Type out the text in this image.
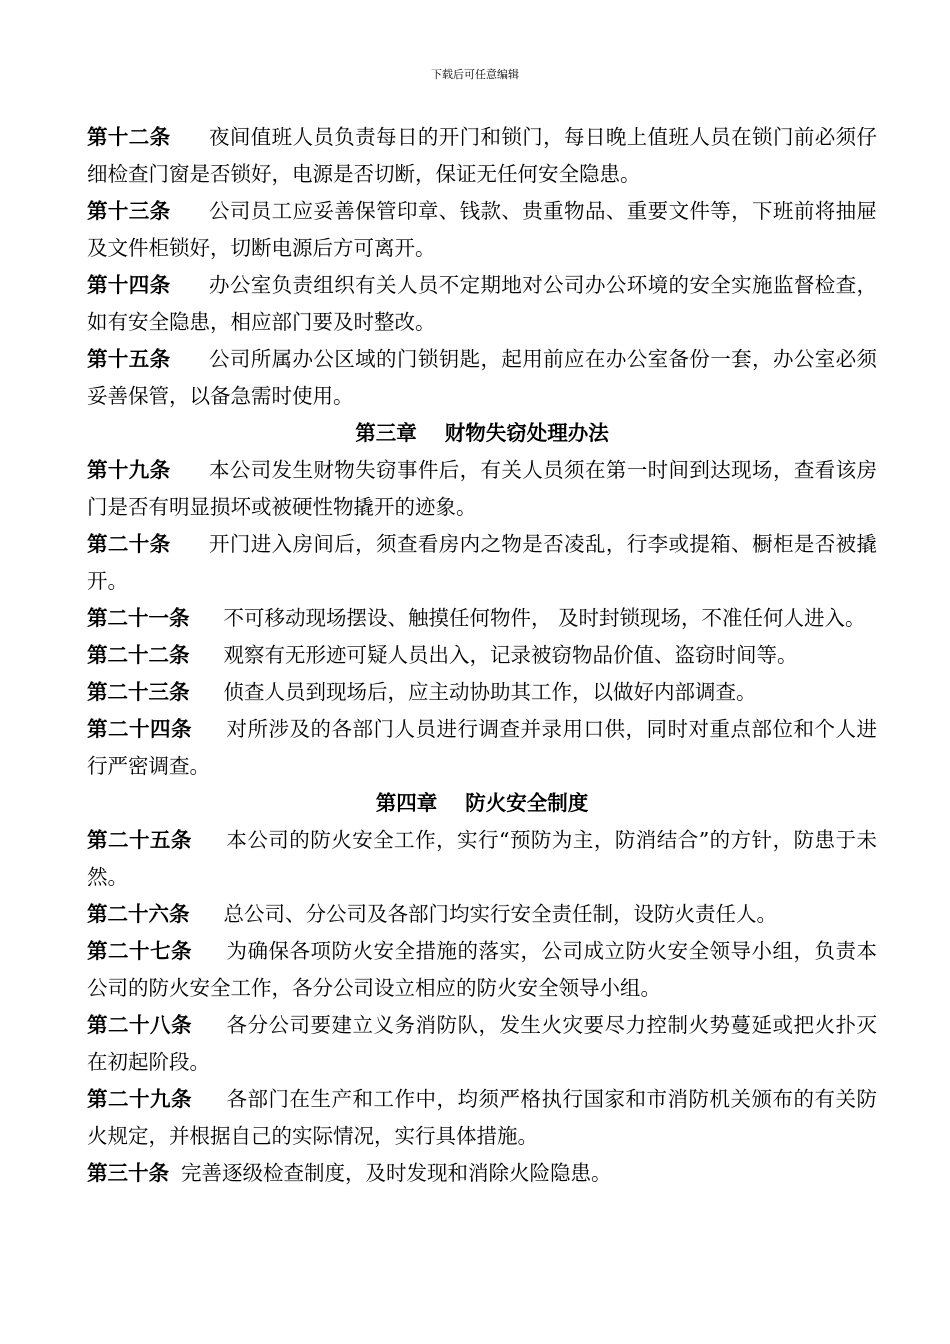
下载后可任意编辑

第十二条 夜间值班人员负责每日的开门和锁门，每日晚上值班人员在锁门前必须仔细检查门窗是否锁好，电源是否切断，保证无任何安全隐患。

第十三条 公司员工应妥善保管印章、钱款、贵重物品、重要文件等，下班前将抽屉及文件柜锁好，切断电源后方可离开。

第十四条 办公室负责组织有关人员不定期地对公司办公环境的安全实施监督检查，如有安全隐患，相应部门要及时整改。

第十五条 公司所属办公区域的门锁钥匙，起用前应在办公室备份一套，办公室必须妥善保管，以备急需时使用。

第三章 财物失窃处理办法

第十九条 本公司发生财物失窃事件后，有关人员须在第一时间到达现场，查看该房门是否有明显损坏或被硬性物撬开的迹象。

第二十条 开门进入房间后，须查看房内之物是否凌乱，行李或提箱、橱柜是否被撬开。

第二十一条 不可移动现场摆设、触摸任何物件， 及时封锁现场，不准任何人进入。

第二十二条 观察有无形迹可疑人员出入，记录被窃物品价值、盗窃时间等。

第二十三条 侦查人员到现场后，应主动协助其工作，以做好内部调查。

第二十四条 对所涉及的各部门人员进行调查并录用口供，同时对重点部位和个人进行严密调查。

第四章 防火安全制度

第二十五条 本公司的防火安全工作，实行“预防为主，防消结合”的方针，防患于未然。

第二十六条 总公司、分公司及各部门均实行安全责任制，设防火责任人。

第二十七条 为确保各项防火安全措施的落实，公司成立防火安全领导小组，负责本公司的防火安全工作，各分公司设立相应的防火安全领导小组。

第二十八条 各分公司要建立义务消防队，发生火灾要尽力控制火势蔓延或把火扑灭在初起阶段。

第二十九条 各部门在生产和工作中，均须严格执行国家和市消防机关颁布的有关防火规定，并根据自己的实际情况，实行具体措施。

第三十条 完善逐级检查制度，及时发现和消除火险隐患。
